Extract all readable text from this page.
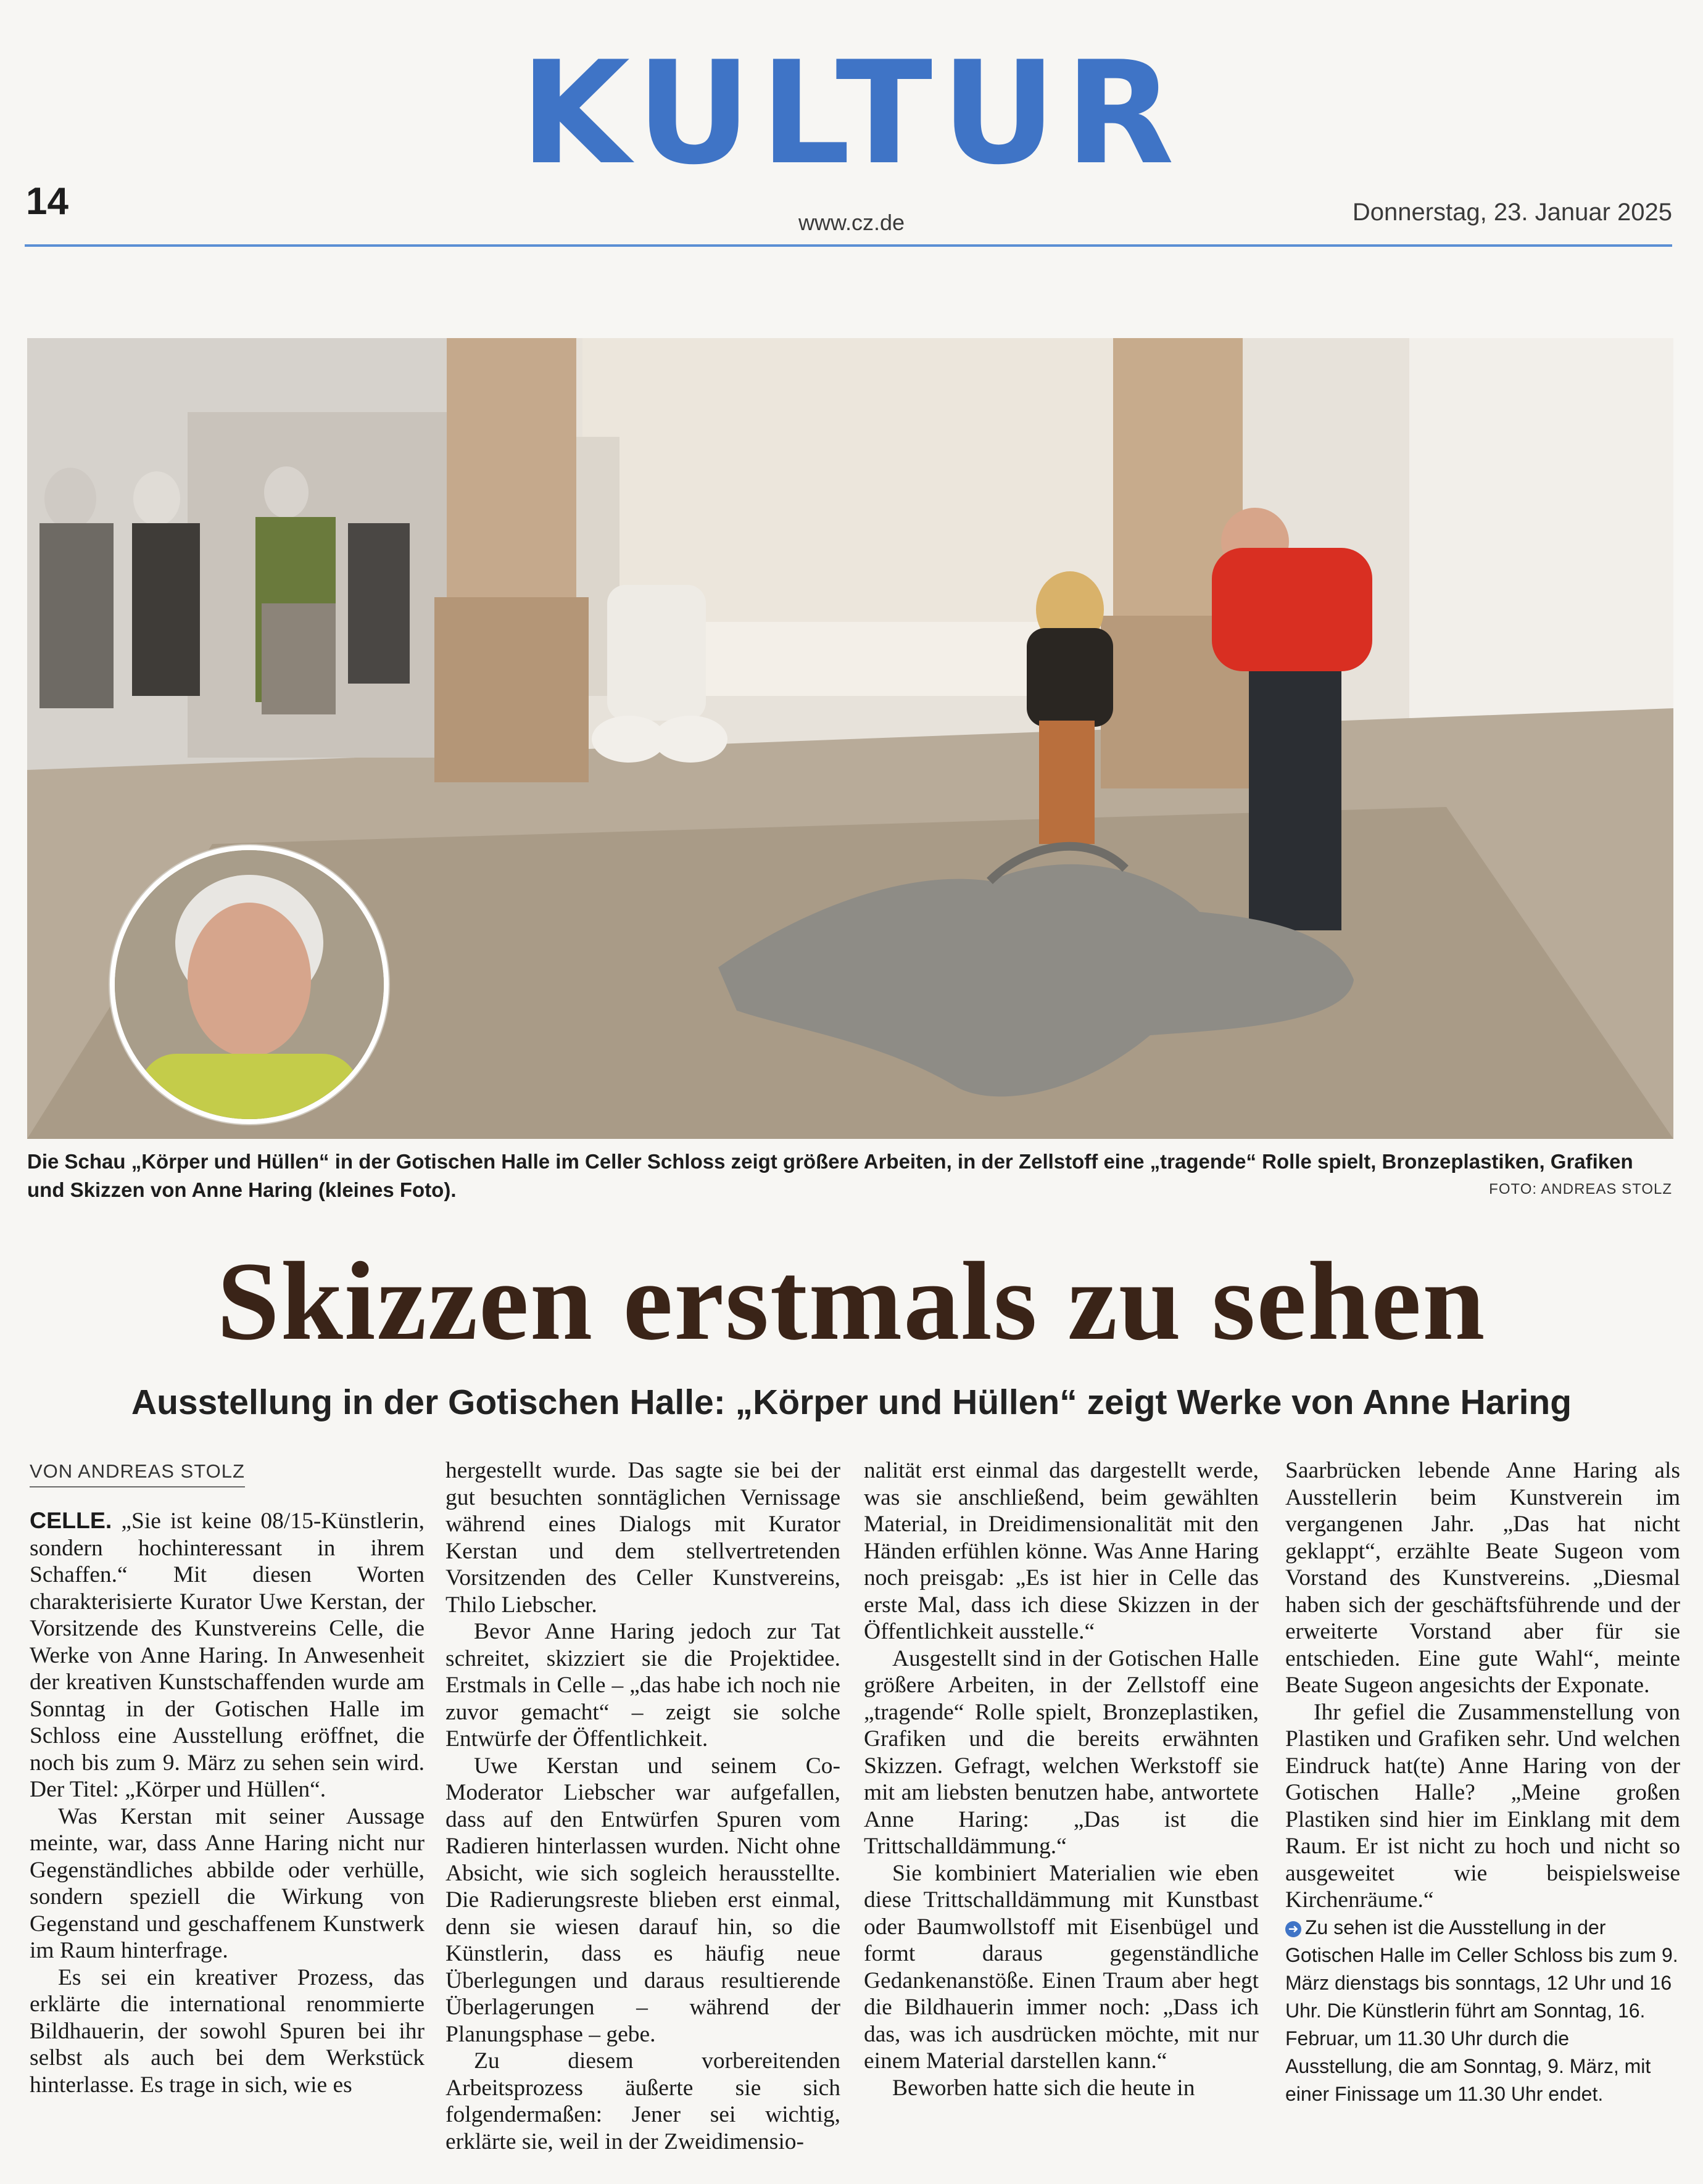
KULTUR
14	www.cz.de	Donnerstag, 23. Januar 2025
Die Schau „Körper und Hüllen“ in der Gotischen Halle im Celler Schloss zeigt größere Arbeiten, in der Zellstoff eine „tragende“ Rolle spielt, Bronzeplastiken, Grafiken und Skizzen von Anne Haring (kleines Foto).	FOTO: ANDREAS STOLZ
Skizzen erstmals zu sehen
Ausstellung in der Gotischen Halle: „Körper und Hüllen“ zeigt Werke von Anne Haring
VON ANDREAS STOLZ

CELLE. „Sie ist keine 08/15-Künstlerin, sondern hochinteressant in ihrem Schaffen.“ Mit diesen Worten charakterisierte Kurator Uwe Kerstan, der Vorsitzende des Kunstvereins Celle, die Werke von Anne Haring. In Anwesenheit der kreativen Kunstschaffenden wurde am Sonntag in der Gotischen Halle im Schloss eine Ausstellung eröffnet, die noch bis zum 9. März zu sehen sein wird. Der Titel: „Körper und Hüllen“.

Was Kerstan mit seiner Aussage meinte, war, dass Anne Haring nicht nur Gegenständliches abbilde oder verhülle, sondern speziell die Wirkung von Gegenstand und geschaffenem Kunstwerk im Raum hinterfrage.

Es sei ein kreativer Prozess, das erklärte die international renommierte Bildhauerin, der sowohl Spuren bei ihr selbst als auch bei dem Werkstück hinterlasse. Es trage in sich, wie es

hergestellt wurde. Das sagte sie bei der gut besuchten sonntäglichen Vernissage während eines Dialogs mit Kurator Kerstan und dem stellvertretenden Vorsitzenden des Celler Kunstvereins, Thilo Liebscher.

Bevor Anne Haring jedoch zur Tat schreitet, skizziert sie die Projektidee. Erstmals in Celle – „das habe ich noch nie zuvor gemacht“ – zeigt sie solche Entwürfe der Öffentlichkeit.

Uwe Kerstan und seinem Co-Moderator Liebscher war aufgefallen, dass auf den Entwürfen Spuren vom Radieren hinterlassen wurden. Nicht ohne Absicht, wie sich sogleich herausstellte. Die Radierungsreste blieben erst einmal, denn sie wiesen darauf hin, so die Künstlerin, dass es häufig neue Überlegungen und daraus resultierende Überlagerungen – während der Planungsphase – gebe.

Zu diesem vorbereitenden Arbeitsprozess äußerte sie sich folgendermaßen: Jener sei wichtig, erklärte sie, weil in der Zweidimensio-

nalität erst einmal das dargestellt werde, was sie anschließend, beim gewählten Material, in Dreidimensionalität mit den Händen erfühlen könne. Was Anne Haring noch preisgab: „Es ist hier in Celle das erste Mal, dass ich diese Skizzen in der Öffentlichkeit ausstelle.“

Ausgestellt sind in der Gotischen Halle größere Arbeiten, in der Zellstoff eine „tragende“ Rolle spielt, Bronzeplastiken, Grafiken und die bereits erwähnten Skizzen. Gefragt, welchen Werkstoff sie mit am liebsten benutzen habe, antwortete Anne Haring: „Das ist die Trittschalldämmung.“

Sie kombiniert Materialien wie eben diese Trittschalldämmung mit Kunstbast oder Baumwollstoff mit Eisenbügel und formt daraus gegenständliche Gedankenanstöße. Einen Traum aber hegt die Bildhauerin immer noch: „Dass ich das, was ich ausdrücken möchte, mit nur einem Material darstellen kann.“

Beworben hatte sich die heute in

Saarbrücken lebende Anne Haring als Ausstellerin beim Kunstverein im vergangenen Jahr. „Das hat nicht geklappt“, erzählte Beate Sugeon vom Vorstand des Kunstvereins. „Diesmal haben sich der geschäftsführende und der erweiterte Vorstand aber für sie entschieden. Eine gute Wahl“, meinte Beate Sugeon angesichts der Exponate.

Ihr gefiel die Zusammenstellung von Plastiken und Grafiken sehr. Und welchen Eindruck hat(te) Anne Haring von der Gotischen Halle? „Meine großen Plastiken sind hier im Einklang mit dem Raum. Er ist nicht zu hoch und nicht so ausgeweitet wie beispielsweise Kirchenräume.“

➜ Zu sehen ist die Ausstellung in der Gotischen Halle im Celler Schloss bis zum 9. März dienstags bis sonntags, 12 Uhr und 16 Uhr. Die Künstlerin führt am Sonntag, 16. Februar, um 11.30 Uhr durch die Ausstellung, die am Sonntag, 9. März, mit einer Finissage um 11.30 Uhr endet.
